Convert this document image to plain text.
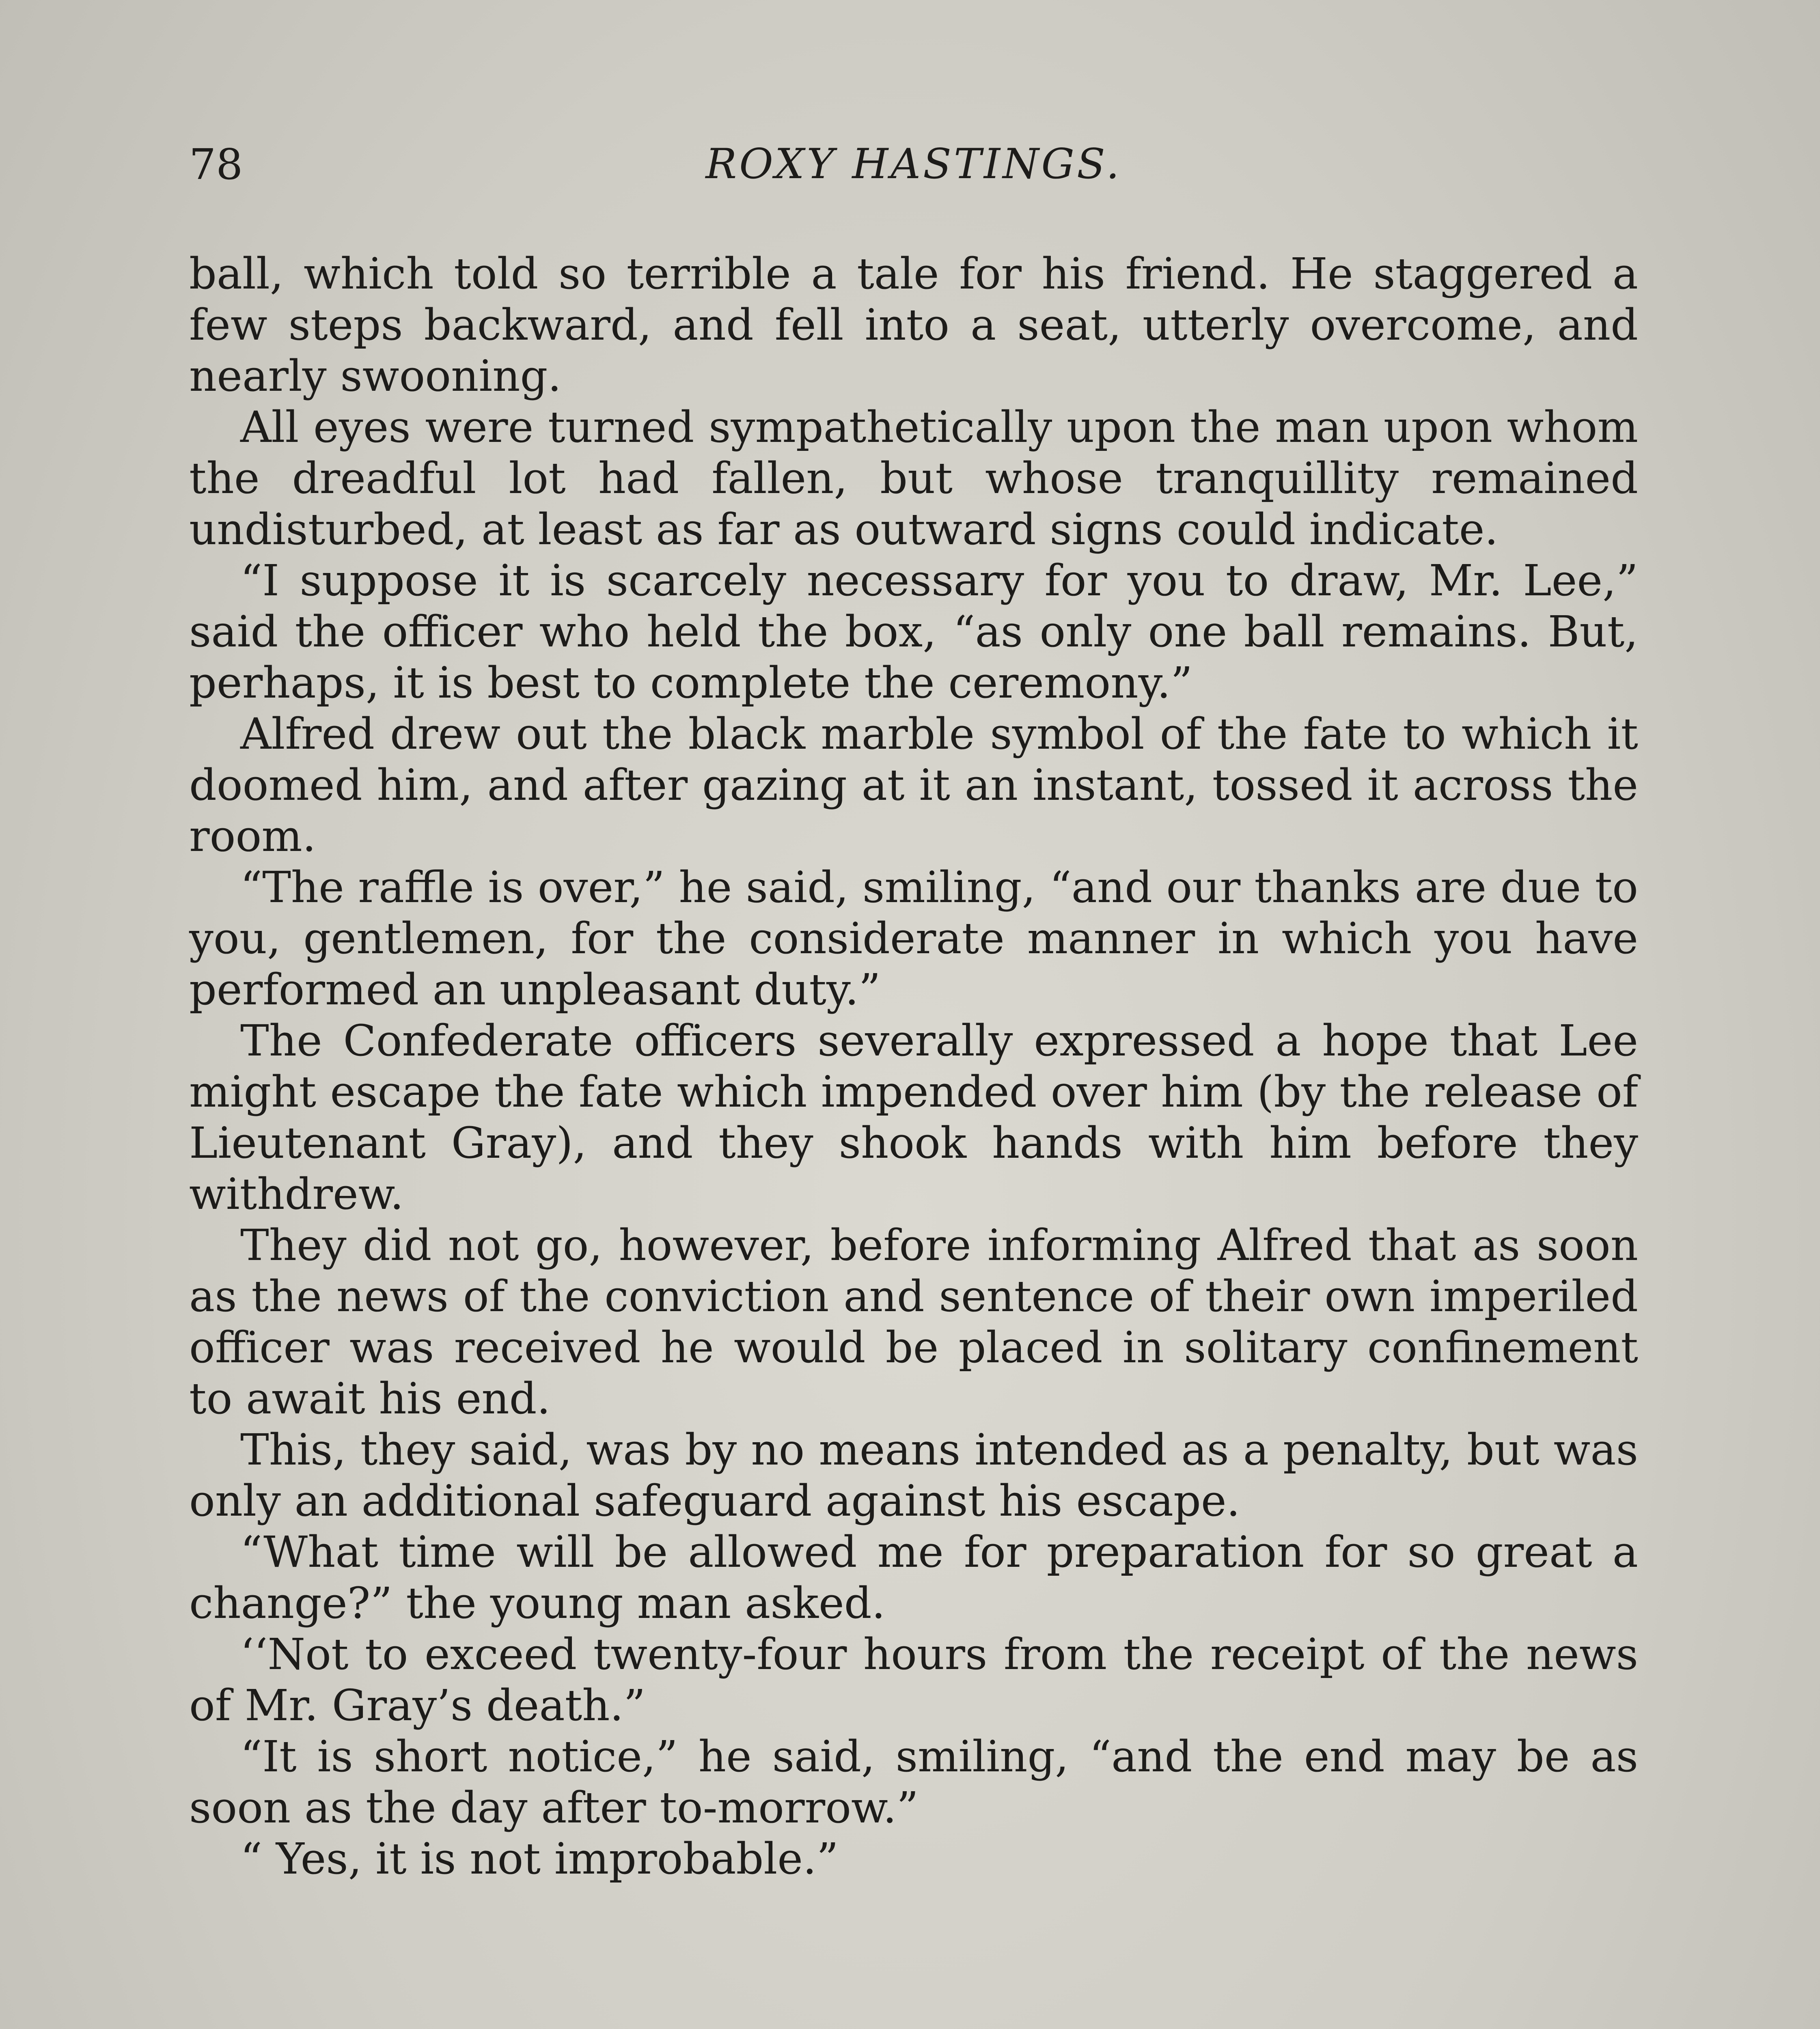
78	ROXY HASTINGS.

ball, which told so terrible a tale for his friend. He staggered a few steps backward, and fell into a seat, utterly overcome, and nearly swooning.

All eyes were turned sympathetically upon the man upon whom the dreadful lot had fallen, but whose tranquillity remained undisturbed, at least as far as outward signs could indicate.

“I suppose it is scarcely necessary for you to draw, Mr. Lee,” said the officer who held the box, “as only one ball remains. But, perhaps, it is best to complete the ceremony.”

Alfred drew out the black marble symbol of the fate to which it doomed him, and after gazing at it an instant, tossed it across the room.

“The raffle is over,” he said, smiling, “and our thanks are due to you, gentlemen, for the considerate manner in which you have performed an unpleasant duty.”

The Confederate officers severally expressed a hope that Lee might escape the fate which impended over him (by the release of Lieutenant Gray), and they shook hands with him before they withdrew.

They did not go, however, before informing Alfred that as soon as the news of the conviction and sentence of their own imperiled officer was received he would be placed in solitary confinement to await his end.

This, they said, was by no means intended as a penalty, but was only an additional safeguard against his escape.

“What time will be allowed me for preparation for so great a change?” the young man asked.

‘‘Not to exceed twenty-four hours from the receipt of the news of Mr. Gray’s death.”

“It is short notice,” he said, smiling, “and the end may be as soon as the day after to-morrow.”

“ Yes, it is not improbable.”
